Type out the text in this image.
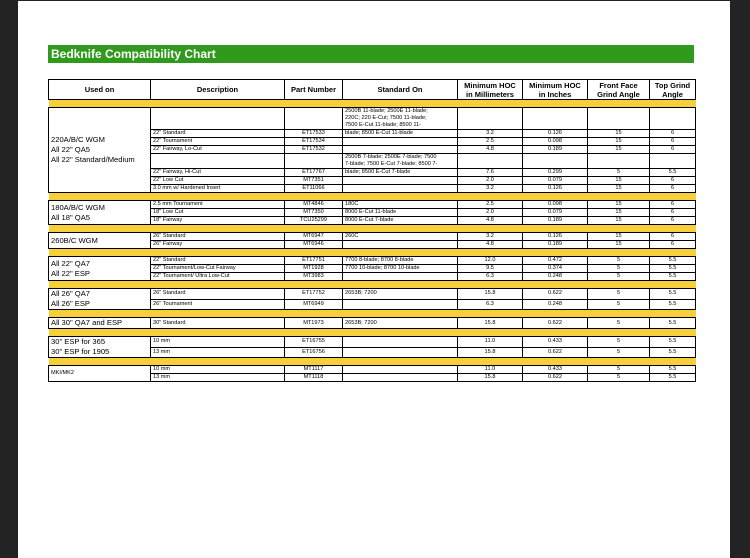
Bedknife Compatibility Chart
Used on	Description	Part Number	Standard On	Minimum HOC in Millimeters	Minimum HOC in Inches	Front Face Grind Angle	Top Grind Angle

220A/B/C WGM
All 22" QA5
All 22" Standard/Medium			2500B 11-blade; 2500E 11-blade;
220C; 220 E-Cut; 7500 11-blade;
7500 E-Cut 11-blade; 8500 11-				

	22" Standard	ET17533	blade; 8500 E-Cut 11-blade	3.2	0.126	15	6
	22" Tournament	ET17534		2.5	0.098	15	6
	22" Fairway, Lo-Cut	ET17532		4.8	0.189	15	6

			2500B 7-blade; 2500E 7-blade; 7500
7-blade; 7500 E-Cut 7-blade; 8500 7-				

	22" Fairway, Hi-Cut	ET17767	blade; 8500 E-Cut 7-blade	7.6	0.299	5	5.5
	22" Low Cut	MT7351		2.0	0.079	15	6
	3.0 mm w/ Hardened Insert	ET11066		3.2	0.126	15	6

180A/B/C WGM
All 18" QA5	2.5 mm Tournament	MT4846	180C	2.5	0.098	15	6
	18" Low Cut	MT7350	8000 E-Cut 11-blade	2.0	0.079	15	6
	18" Fairway	TCU25299	8000 E-Cut 7-blade	4.8	0.189	15	6

260B/C WGM	26" Standard	MT6947	260C	3.2	0.126	15	6
	26" Fairway	MT6946		4.8	0.189	15	6

All 22" QA7
All 22" ESP	22" Standard	ET17751	7700 8-blade; 8700 8-blade	12.0	0.472	5	5.5
	22" Tournament/Low-Cut Fairway	MT1928	7700 10-blade; 8700 10-blade	9.5	0.374	5	5.5
	22" Tournament/ Ultra Low-Cut	MT3983		6.3	0.248	5	5.5

All 26" QA7
All 26" ESP	26" Standard	ET17752	2653B; 7200	15.8	0.622	5	5.5
	26" Tournament	MT6949		6.3	0.248	5	5.5

All 30" QA7 and ESP	30" Standard	MT1973	2653B; 7200	15.8	0.622	5	5.5

30" ESP for 365
30" ESP for 1905	10 mm	ET16755		11.0	0.433	5	5.5
	13 mm	ET16756		15.8	0.622	5	5.5

MKI/MK2	10 mm	MT1117		11.0	0.433	5	5.5
	13 mm	MT1118		15.8	0.622	5	5.5
